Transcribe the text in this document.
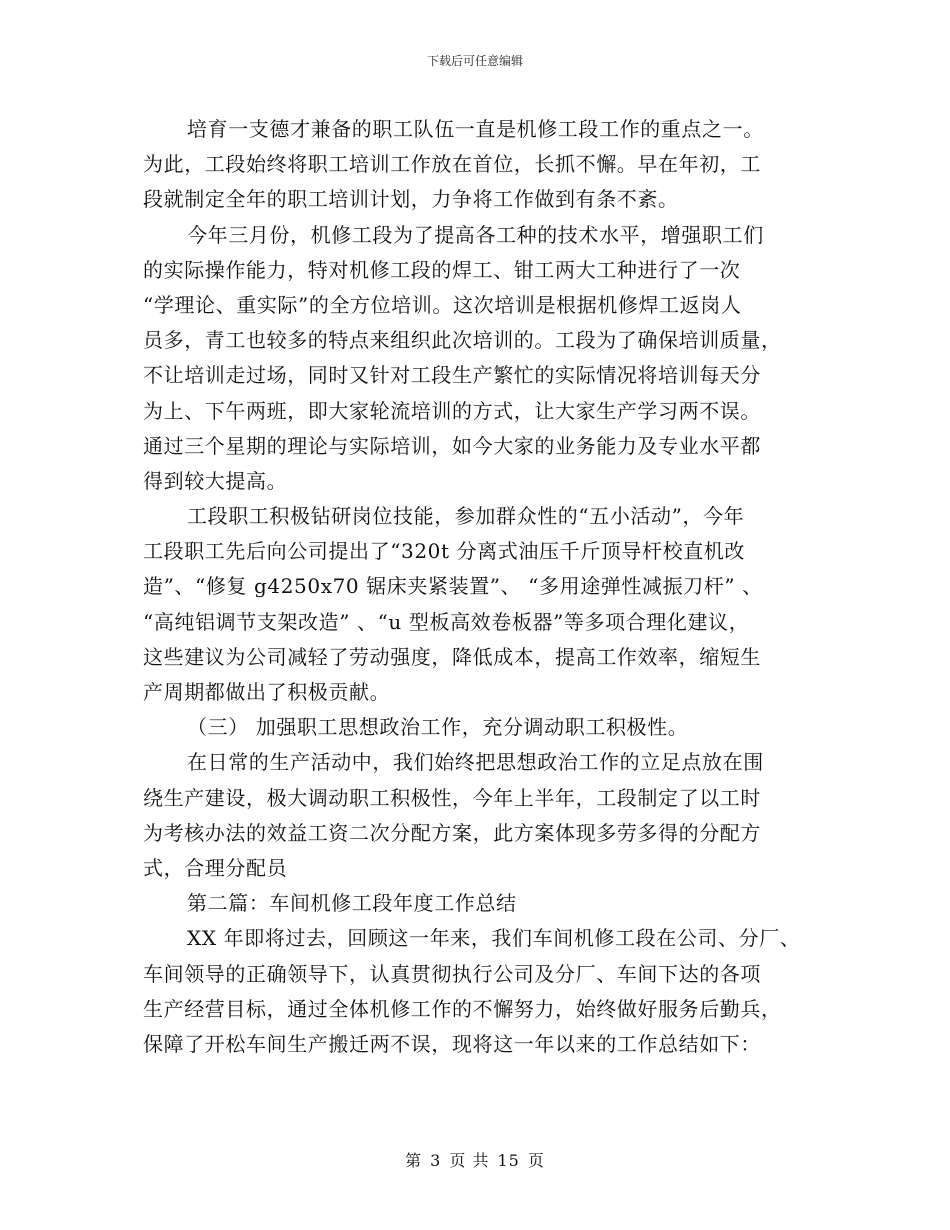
下载后可任意编辑
培育一支德才兼备的职工队伍一直是机修工段工作的重点之一。
为此，工段始终将职工培训工作放在首位，长抓不懈。早在年初，工
段就制定全年的职工培训计划，力争将工作做到有条不紊。
今年三月份，机修工段为了提高各工种的技术水平，增强职工们
的实际操作能力，特对机修工段的焊工、钳工两大工种进行了一次
“学理论、重实际”的全方位培训。这次培训是根据机修焊工返岗人
员多，青工也较多的特点来组织此次培训的。工段为了确保培训质量，
不让培训走过场，同时又针对工段生产繁忙的实际情况将培训每天分
为上、下午两班，即大家轮流培训的方式，让大家生产学习两不误。
通过三个星期的理论与实际培训，如今大家的业务能力及专业水平都
得到较大提高。
工段职工积极钻研岗位技能，参加群众性的“五小活动”，今年
工段职工先后向公司提出了“320t 分离式油压千斤顶导杆校直机改
造”、“修复 g4250x70 锯床夹紧装置”、 “多用途弹性减振刀杆” 、
“高纯铝调节支架改造” 、“u 型板高效卷板器”等多项合理化建议，
这些建议为公司减轻了劳动强度，降低成本，提高工作效率，缩短生
产周期都做出了积极贡献。
（三） 加强职工思想政治工作，充分调动职工积极性。
在日常的生产活动中，我们始终把思想政治工作的立足点放在围
绕生产建设，极大调动职工积极性，今年上半年，工段制定了以工时
为考核办法的效益工资二次分配方案，此方案体现多劳多得的分配方
式，合理分配员
第二篇：车间机修工段年度工作总结
XX 年即将过去，回顾这一年来，我们车间机修工段在公司、分厂、
车间领导的正确领导下，认真贯彻执行公司及分厂、车间下达的各项
生产经营目标，通过全体机修工作的不懈努力，始终做好服务后勤兵，
保障了开松车间生产搬迁两不误，现将这一年以来的工作总结如下：
第 3 页 共 15 页
